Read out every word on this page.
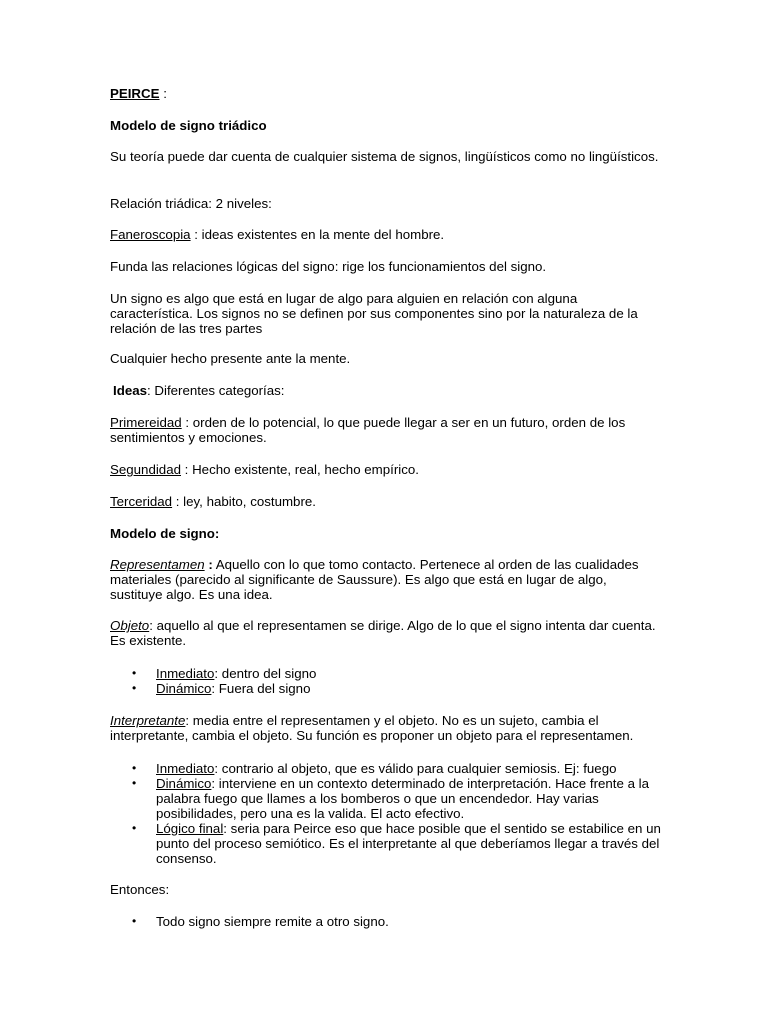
PEIRCE :

Modelo de signo triádico

Su teoría puede dar cuenta de cualquier sistema de signos, lingüísticos como no lingüísticos.

Relación triádica: 2 niveles:

Faneroscopia : ideas existentes en la mente del hombre.

Funda las relaciones lógicas del signo: rige los funcionamientos del signo.

Un signo es algo que está en lugar de algo para alguien en relación con alguna característica. Los signos no se definen por sus componentes sino por la naturaleza de la relación de las tres partes

Cualquier hecho presente ante la mente.

Ideas: Diferentes categorías:

Primereidad : orden de lo potencial, lo que puede llegar a ser en un futuro, orden de los sentimientos y emociones.

Segundidad : Hecho existente, real, hecho empírico.

Terceridad : ley, habito, costumbre.

Modelo de signo:

Representamen : Aquello con lo que tomo contacto. Pertenece al orden de las cualidades materiales (parecido al significante de Saussure). Es algo que está en lugar de algo, sustituye algo. Es una idea.

Objeto: aquello al que el representamen se dirige. Algo de lo que el signo intenta dar cuenta. Es existente.

• Inmediato: dentro del signo
• Dinámico: Fuera del signo

Interpretante: media entre el representamen y el objeto. No es un sujeto, cambia el interpretante, cambia el objeto. Su función es proponer un objeto para el representamen.

• Inmediato: contrario al objeto, que es válido para cualquier semiosis. Ej: fuego
• Dinámico: interviene en un contexto determinado de interpretación. Hace frente a la palabra fuego que llames a los bomberos o que un encendedor. Hay varias posibilidades, pero una es la valida. El acto efectivo.
• Lógico final: seria para Peirce eso que hace posible que el sentido se estabilice en un punto del proceso semiótico. Es el interpretante al que deberíamos llegar a través del consenso.

Entonces:

• Todo signo siempre remite a otro signo.
